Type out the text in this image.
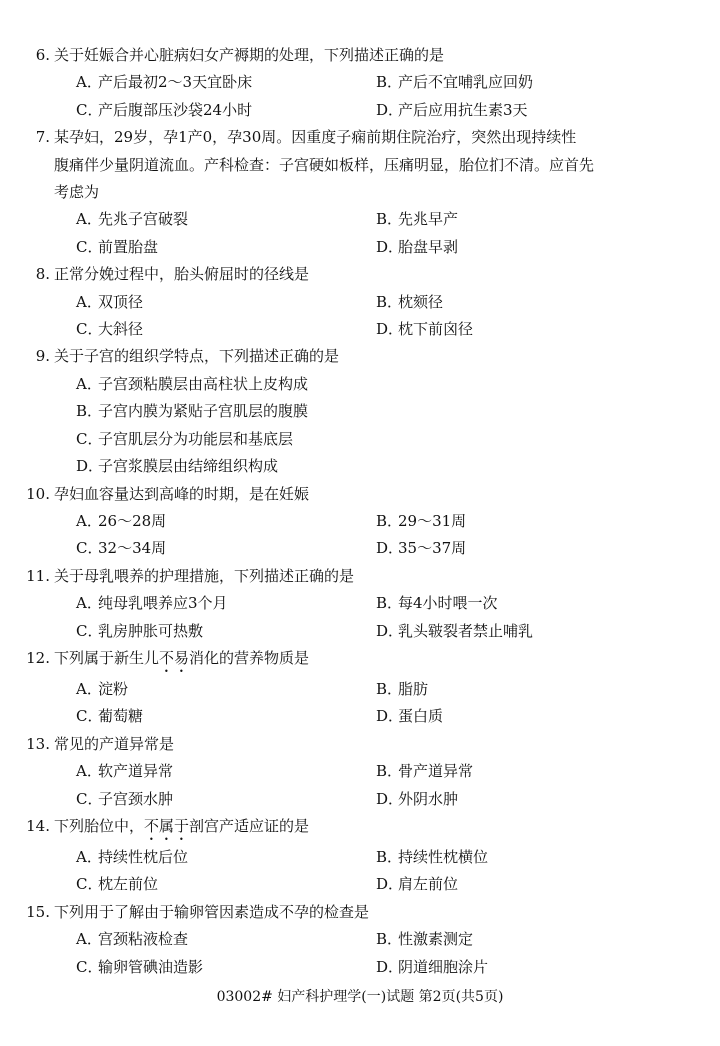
6. 关于妊娠合并心脏病妇女产褥期的处理，下列描述正确的是
A．产后最初2～3天宜卧床	B．产后不宜哺乳应回奶
C．产后腹部压沙袋24小时	D．产后应用抗生素3天
7. 某孕妇，29岁，孕1产0，孕30周。因重度子痫前期住院治疗，突然出现持续性
腹痛伴少量阴道流血。产科检查：子宫硬如板样，压痛明显，胎位扪不清。应首先
考虑为
A．先兆子宫破裂	B．先兆早产
C．前置胎盘	D．胎盘早剥
8. 正常分娩过程中，胎头俯屈时的径线是
A．双顶径	B．枕颏径
C．大斜径	D．枕下前囟径
9. 关于子宫的组织学特点，下列描述正确的是
A．子宫颈粘膜层由高柱状上皮构成
B．子宫内膜为紧贴子宫肌层的腹膜
C．子宫肌层分为功能层和基底层
D．子宫浆膜层由结缔组织构成
10. 孕妇血容量达到高峰的时期，是在妊娠
A．26～28周	B．29～31周
C．32～34周	D．35～37周
11. 关于母乳喂养的护理措施，下列描述正确的是
A．纯母乳喂养应3个月	B．每4小时喂一次
C．乳房肿胀可热敷	D．乳头皲裂者禁止哺乳
12. 下列属于新生儿不易消化的营养物质是
A．淀粉	B．脂肪
C．葡萄糖	D．蛋白质
13. 常见的产道异常是
A．软产道异常	B．骨产道异常
C．子宫颈水肿	D．外阴水肿
14. 下列胎位中，不属于剖宫产适应证的是
A．持续性枕后位	B．持续性枕横位
C．枕左前位	D．肩左前位
15. 下列用于了解由于输卵管因素造成不孕的检查是
A．宫颈粘液检查	B．性激素测定
C．输卵管碘油造影	D．阴道细胞涂片
03002# 妇产科护理学(一)试题 第2页(共5页)
